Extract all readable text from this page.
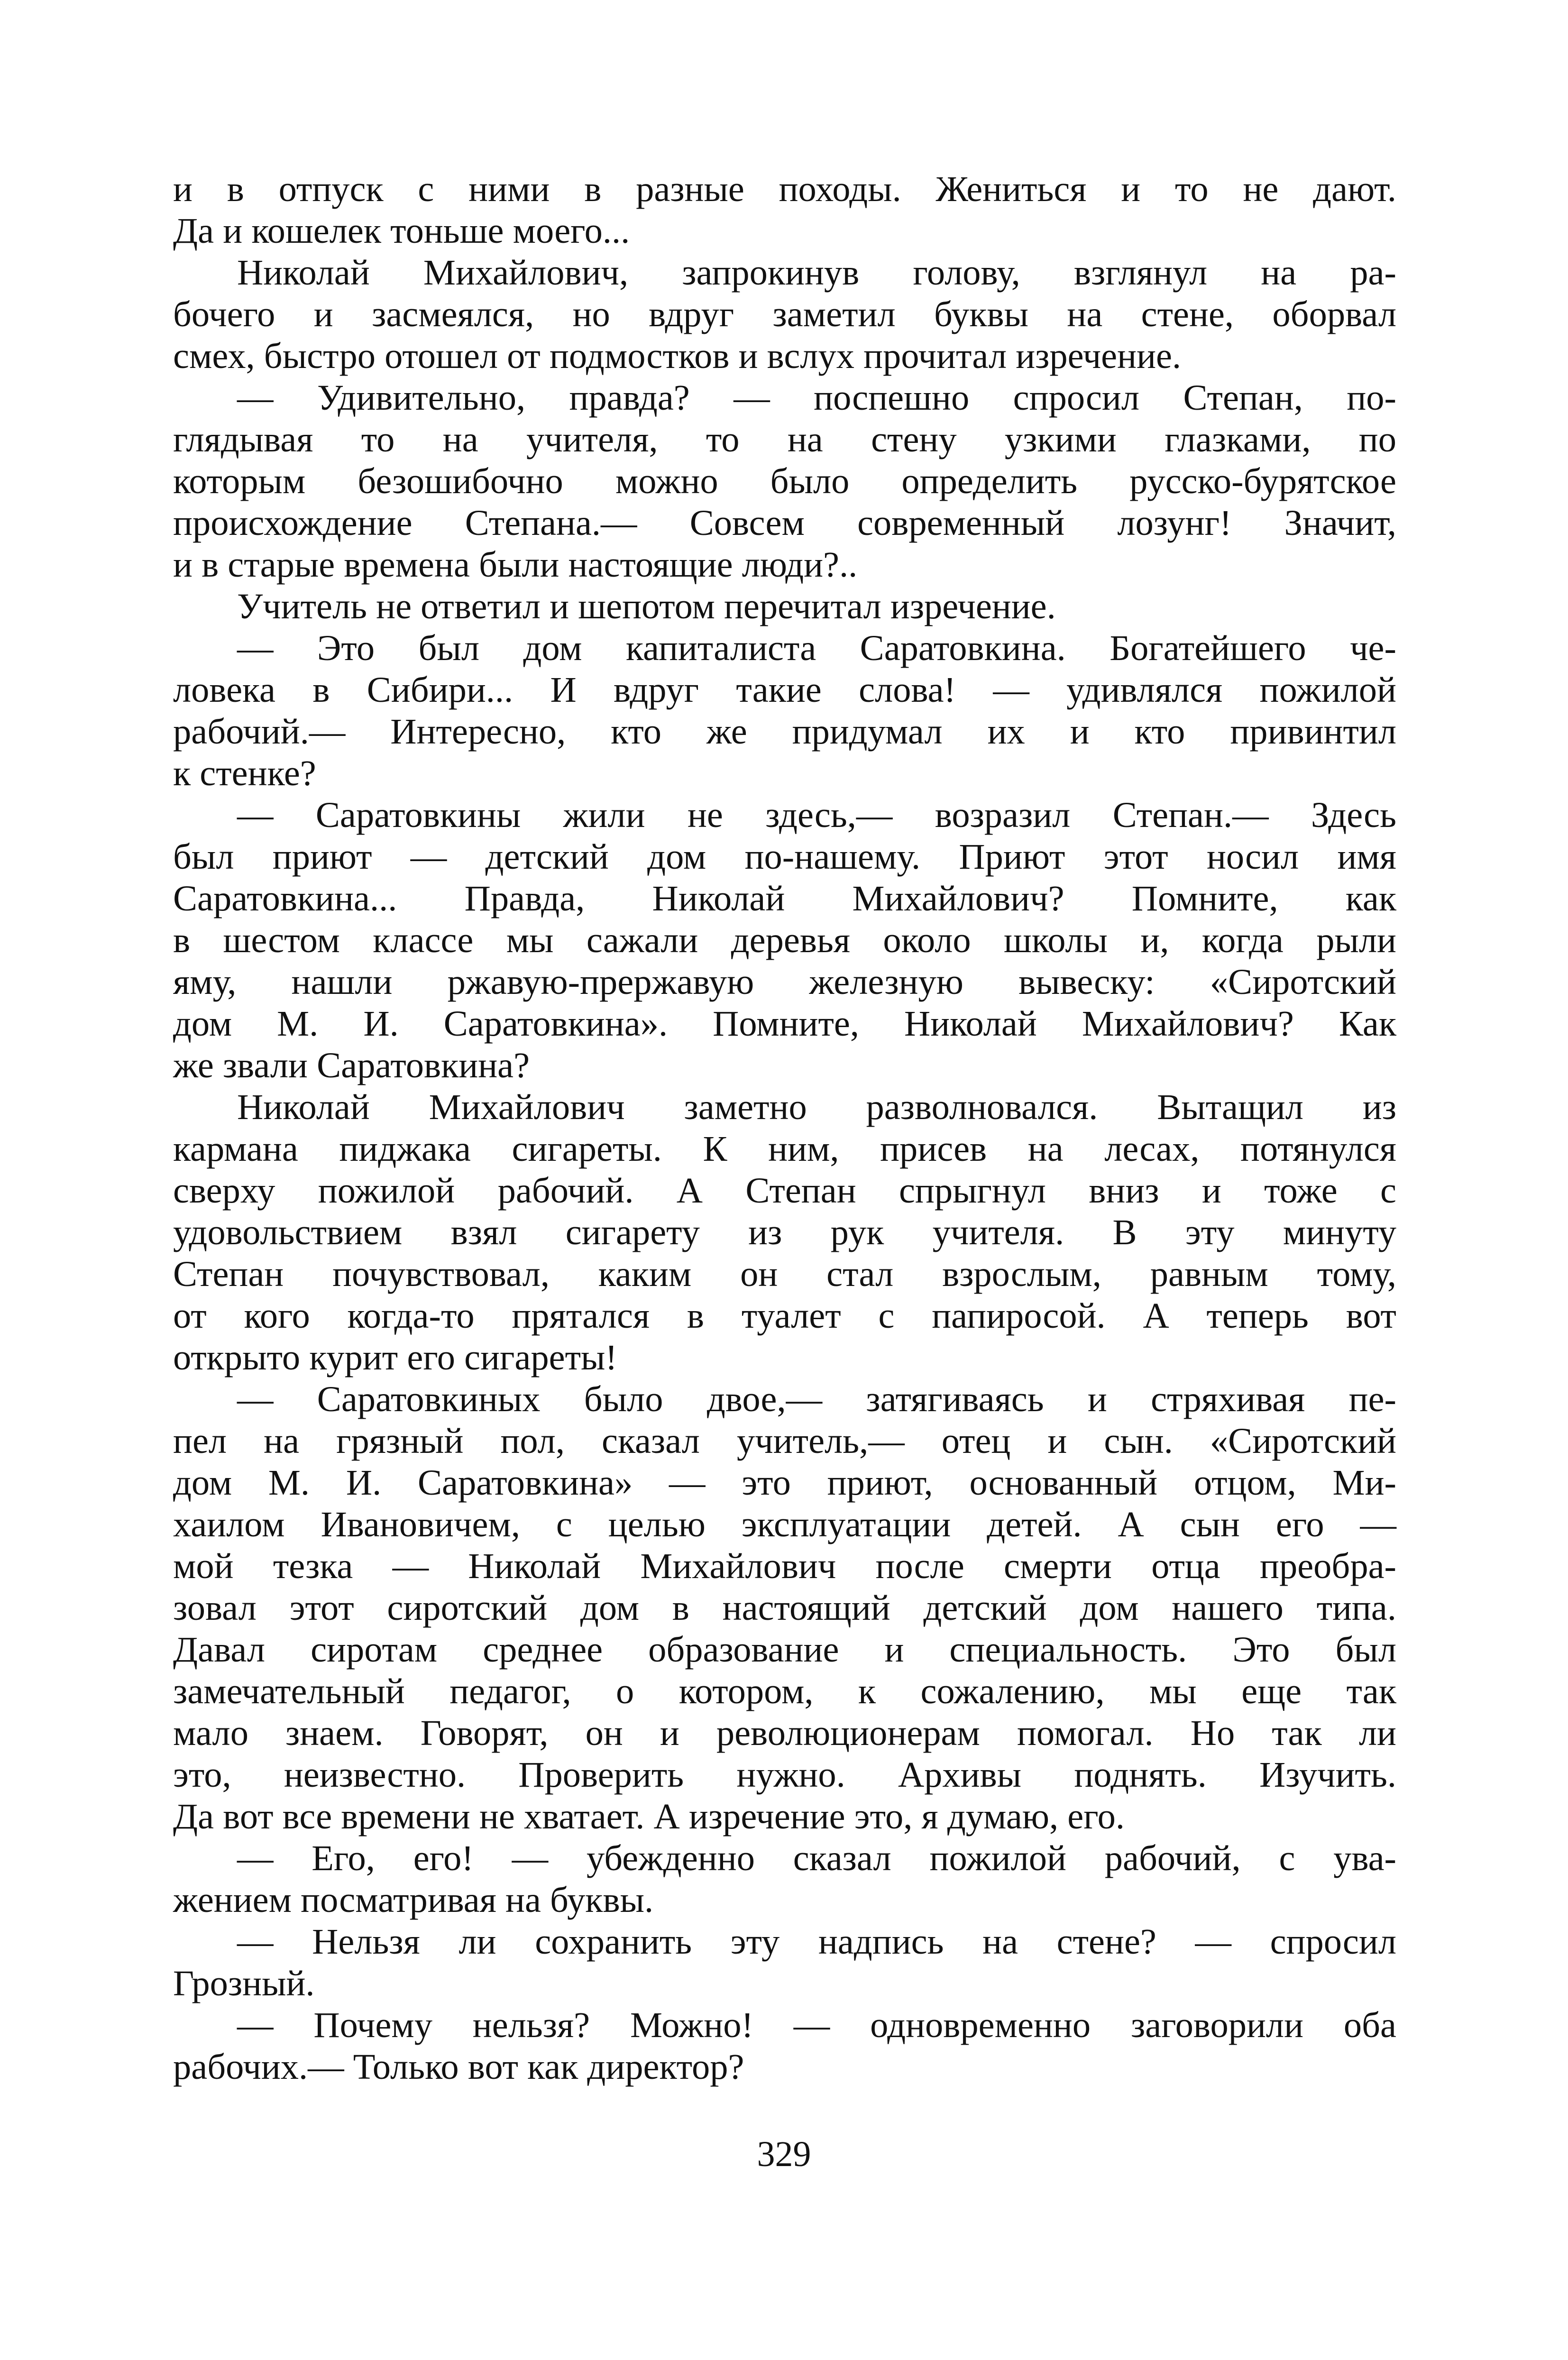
и в отпуск с ними в разные походы. Жениться и то не дают.
Да и кошелек тоньше моего...
Николай Михайлович, запрокинув голову, взглянул на ра-
бочего и засмеялся, но вдруг заметил буквы на стене, оборвал
смех, быстро отошел от подмостков и вслух прочитал изречение.
— Удивительно, правда? — поспешно спросил Степан, по-
глядывая то на учителя, то на стену узкими глазками, по
которым безошибочно можно было определить русско-бурятское
происхождение Степана.— Совсем современный лозунг! Значит,
и в старые времена были настоящие люди?..
Учитель не ответил и шепотом перечитал изречение.
— Это был дом капиталиста Саратовкина. Богатейшего че-
ловека в Сибири... И вдруг такие слова! — удивлялся пожилой
рабочий.— Интересно, кто же придумал их и кто привинтил
к стенке?
— Саратовкины жили не здесь,— возразил Степан.— Здесь
был приют — детский дом по-нашему. Приют этот носил имя
Саратовкина... Правда, Николай Михайлович? Помните, как
в шестом классе мы сажали деревья около школы и, когда рыли
яму, нашли ржавую-прержавую железную вывеску: «Сиротский
дом М. И. Саратовкина». Помните, Николай Михайлович? Как
же звали Саратовкина?
Николай Михайлович заметно разволновался. Вытащил из
кармана пиджака сигареты. К ним, присев на лесах, потянулся
сверху пожилой рабочий. А Степан спрыгнул вниз и тоже с
удовольствием взял сигарету из рук учителя. В эту минуту
Степан почувствовал, каким он стал взрослым, равным тому,
от кого когда-то прятался в туалет с папиросой. А теперь вот
открыто курит его сигареты!
— Саратовкиных было двое,— затягиваясь и стряхивая пе-
пел на грязный пол, сказал учитель,— отец и сын. «Сиротский
дом М. И. Саратовкина» — это приют, основанный отцом, Ми-
хаилом Ивановичем, с целью эксплуатации детей. А сын его —
мой тезка — Николай Михайлович после смерти отца преобра-
зовал этот сиротский дом в настоящий детский дом нашего типа.
Давал сиротам среднее образование и специальность. Это был
замечательный педагог, о котором, к сожалению, мы еще так
мало знаем. Говорят, он и революционерам помогал. Но так ли
это, неизвестно. Проверить нужно. Архивы поднять. Изучить.
Да вот все времени не хватает. А изречение это, я думаю, его.
— Его, его! — убежденно сказал пожилой рабочий, с ува-
жением посматривая на буквы.
— Нельзя ли сохранить эту надпись на стене? — спросил
Грозный.
— Почему нельзя? Можно! — одновременно заговорили оба
рабочих.— Только вот как директор?
329
